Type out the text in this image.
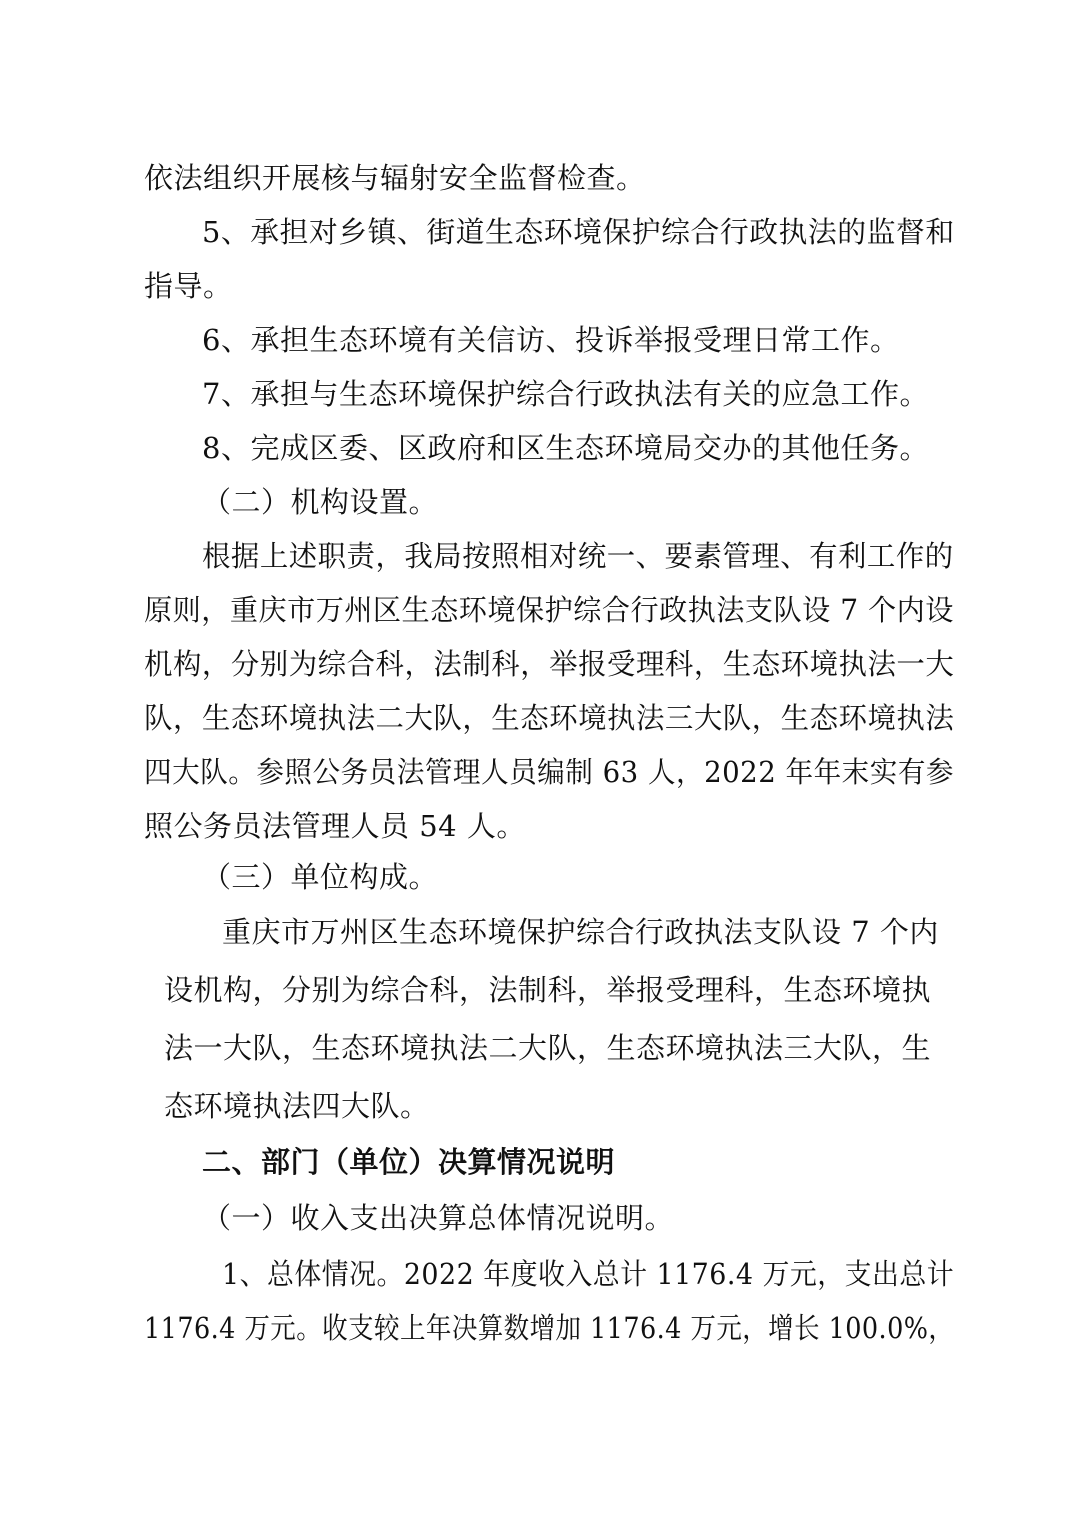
依法组织开展核与辐射安全监督检查。
5、承担对乡镇、街道生态环境保护综合行政执法的监督和
指导。
6、承担生态环境有关信访、投诉举报受理日常工作。
7、承担与生态环境保护综合行政执法有关的应急工作。
8、完成区委、区政府和区生态环境局交办的其他任务。
（二）机构设置。
根据上述职责，我局按照相对统一、要素管理、有利工作的
原则，重庆市万州区生态环境保护综合行政执法支队设 7 个内设
机构，分别为综合科，法制科，举报受理科，生态环境执法一大
队，生态环境执法二大队，生态环境执法三大队，生态环境执法
四大队。参照公务员法管理人员编制 63 人，2022 年年末实有参
照公务员法管理人员 54 人。
（三）单位构成。
重庆市万州区生态环境保护综合行政执法支队设 7 个内
设机构，分别为综合科，法制科，举报受理科，生态环境执
法一大队，生态环境执法二大队，生态环境执法三大队，生
态环境执法四大队。
二、部门（单位）决算情况说明
（一）收入支出决算总体情况说明。
1、总体情况。2022 年度收入总计 1176.4 万元，支出总计
1176.4 万元。收支较上年决算数增加 1176.4 万元，增长 100.0%，
